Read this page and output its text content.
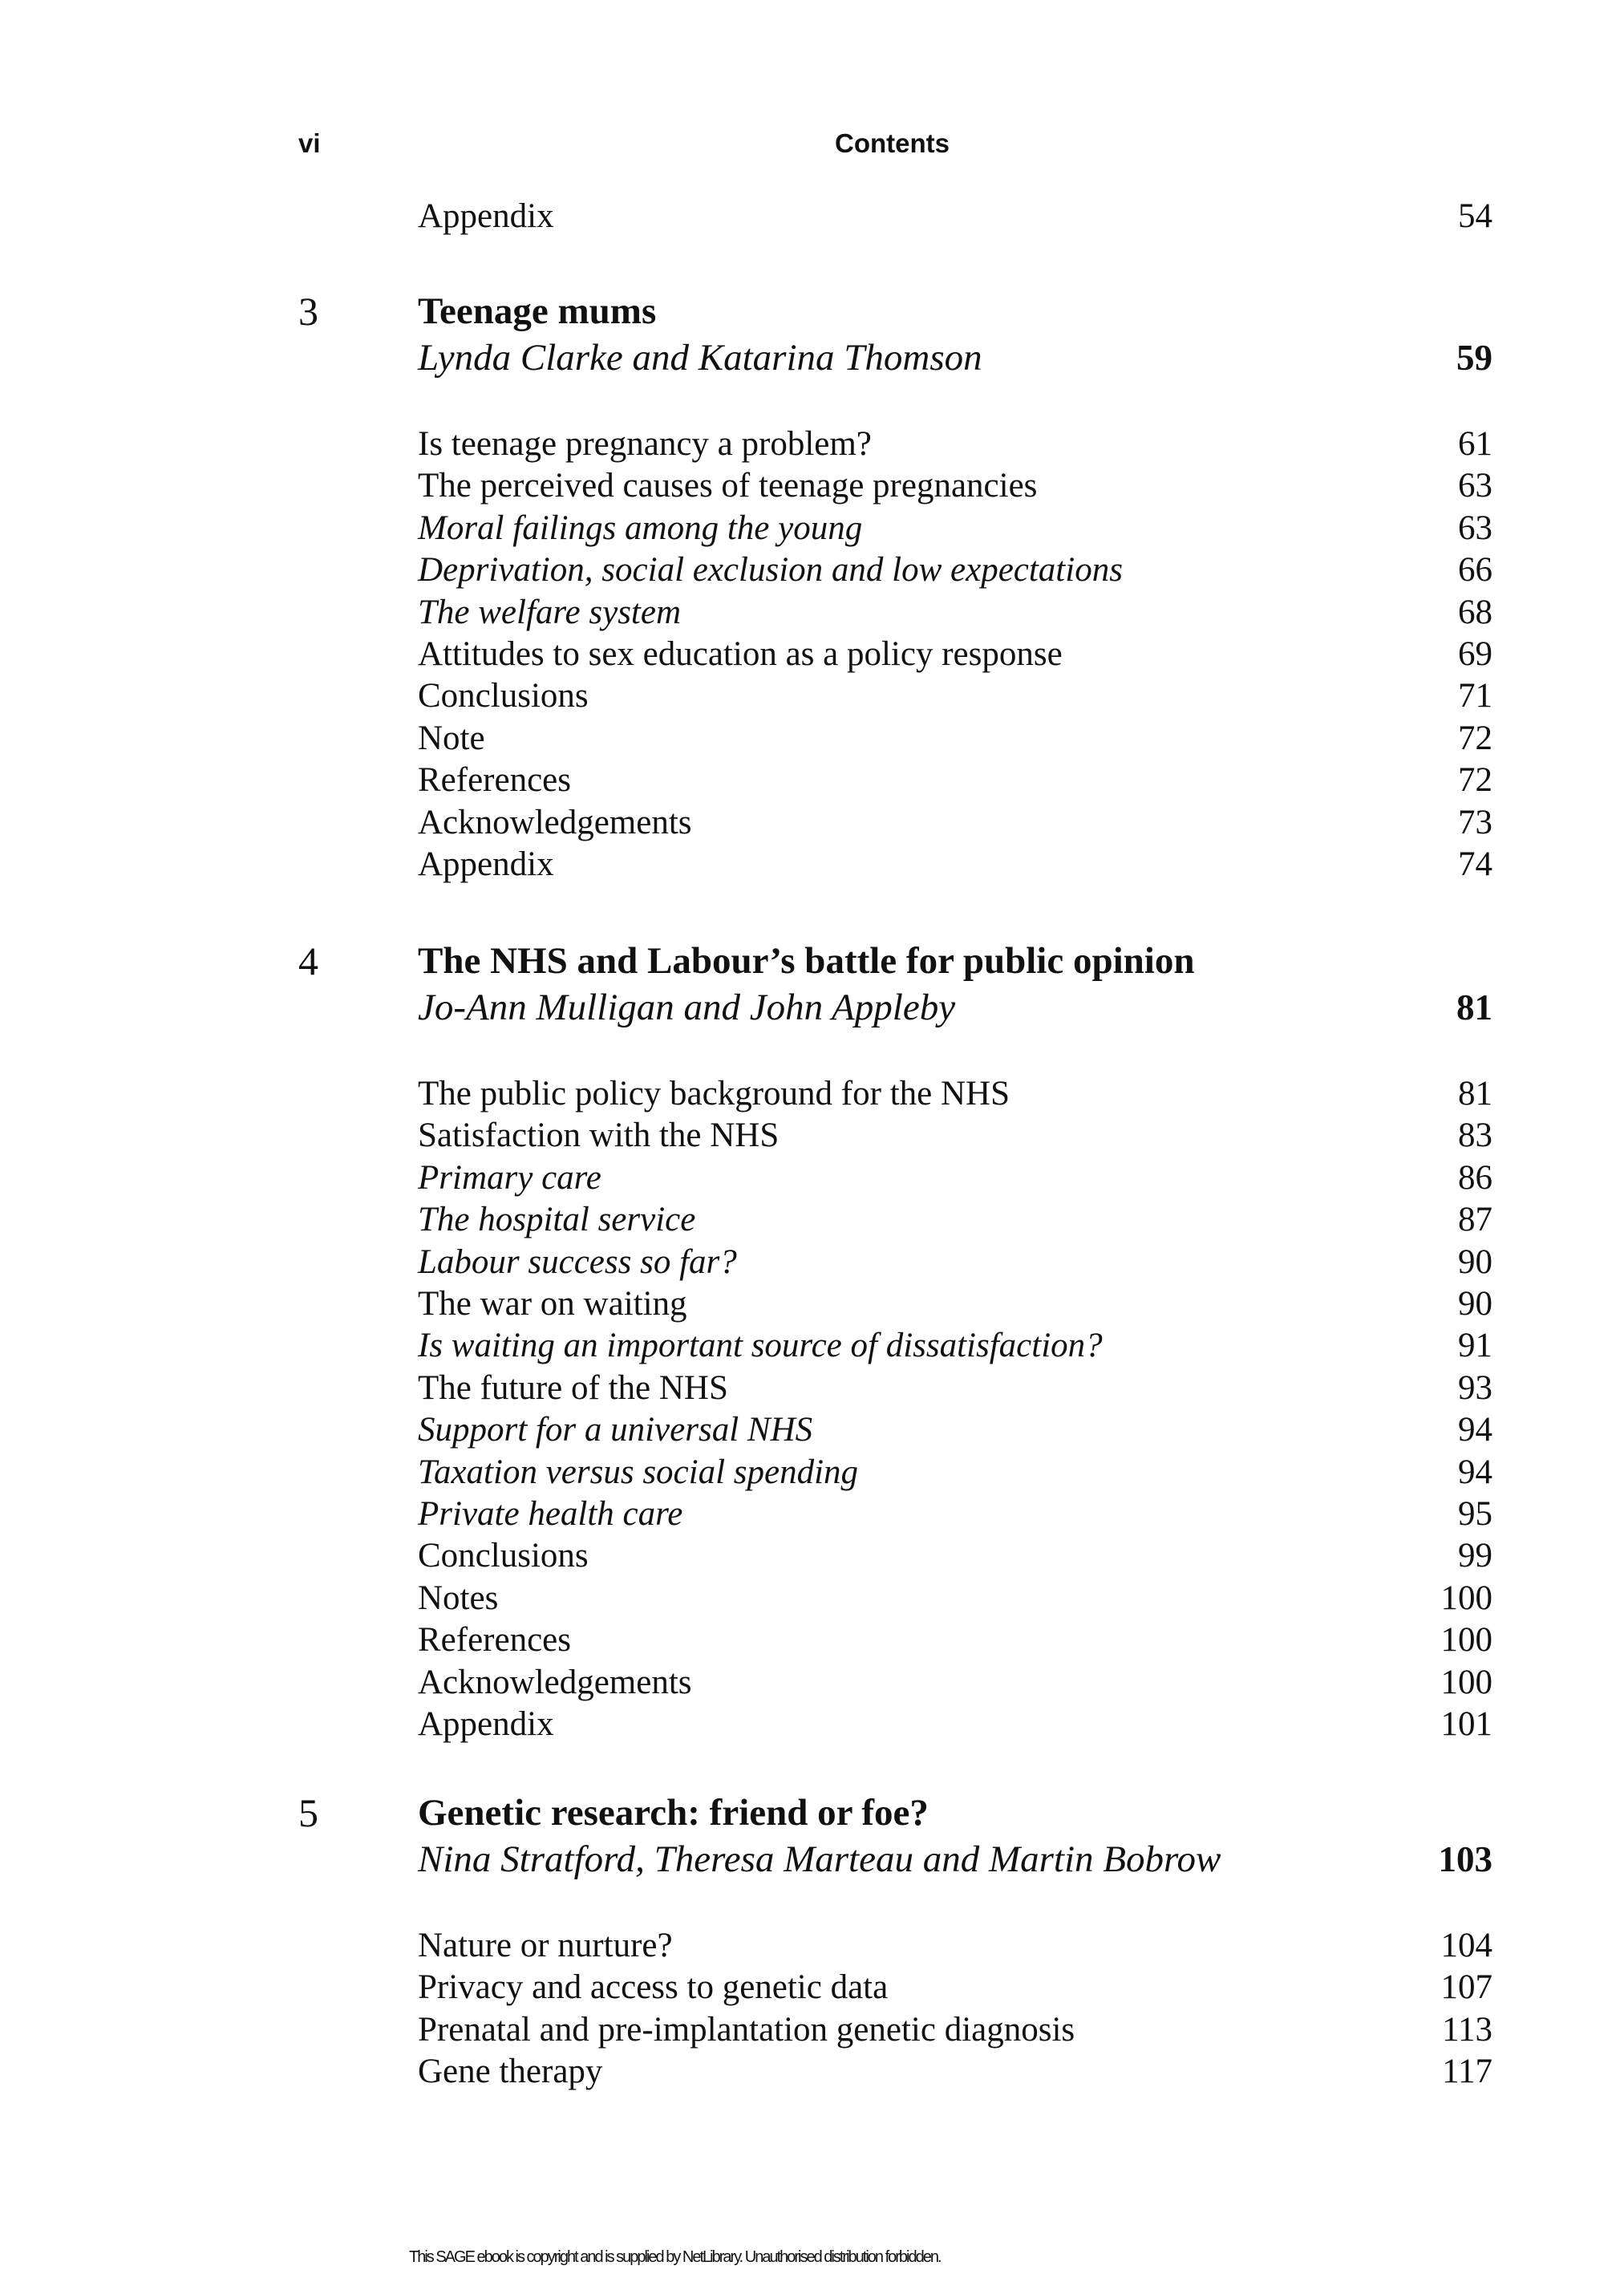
vi	Contents
Appendix	54
3	Teenage mums
Lynda Clarke and Katarina Thomson	59
Is teenage pregnancy a problem?	61
The perceived causes of teenage pregnancies	63
Moral failings among the young	63
Deprivation, social exclusion and low expectations	66
The welfare system	68
Attitudes to sex education as a policy response	69
Conclusions	71
Note	72
References	72
Acknowledgements	73
Appendix	74
4	The NHS and Labour’s battle for public opinion
Jo-Ann Mulligan and John Appleby	81
The public policy background for the NHS	81
Satisfaction with the NHS	83
Primary care	86
The hospital service	87
Labour success so far?	90
The war on waiting	90
Is waiting an important source of dissatisfaction?	91
The future of the NHS	93
Support for a universal NHS	94
Taxation versus social spending	94
Private health care	95
Conclusions	99
Notes	100
References	100
Acknowledgements	100
Appendix	101
5	Genetic research: friend or foe?
Nina Stratford, Theresa Marteau and Martin Bobrow	103
Nature or nurture?	104
Privacy and access to genetic data	107
Prenatal and pre-implantation genetic diagnosis	113
Gene therapy	117
This SAGE ebook is copyright and is supplied by NetLibrary. Unauthorised distribution forbidden.
